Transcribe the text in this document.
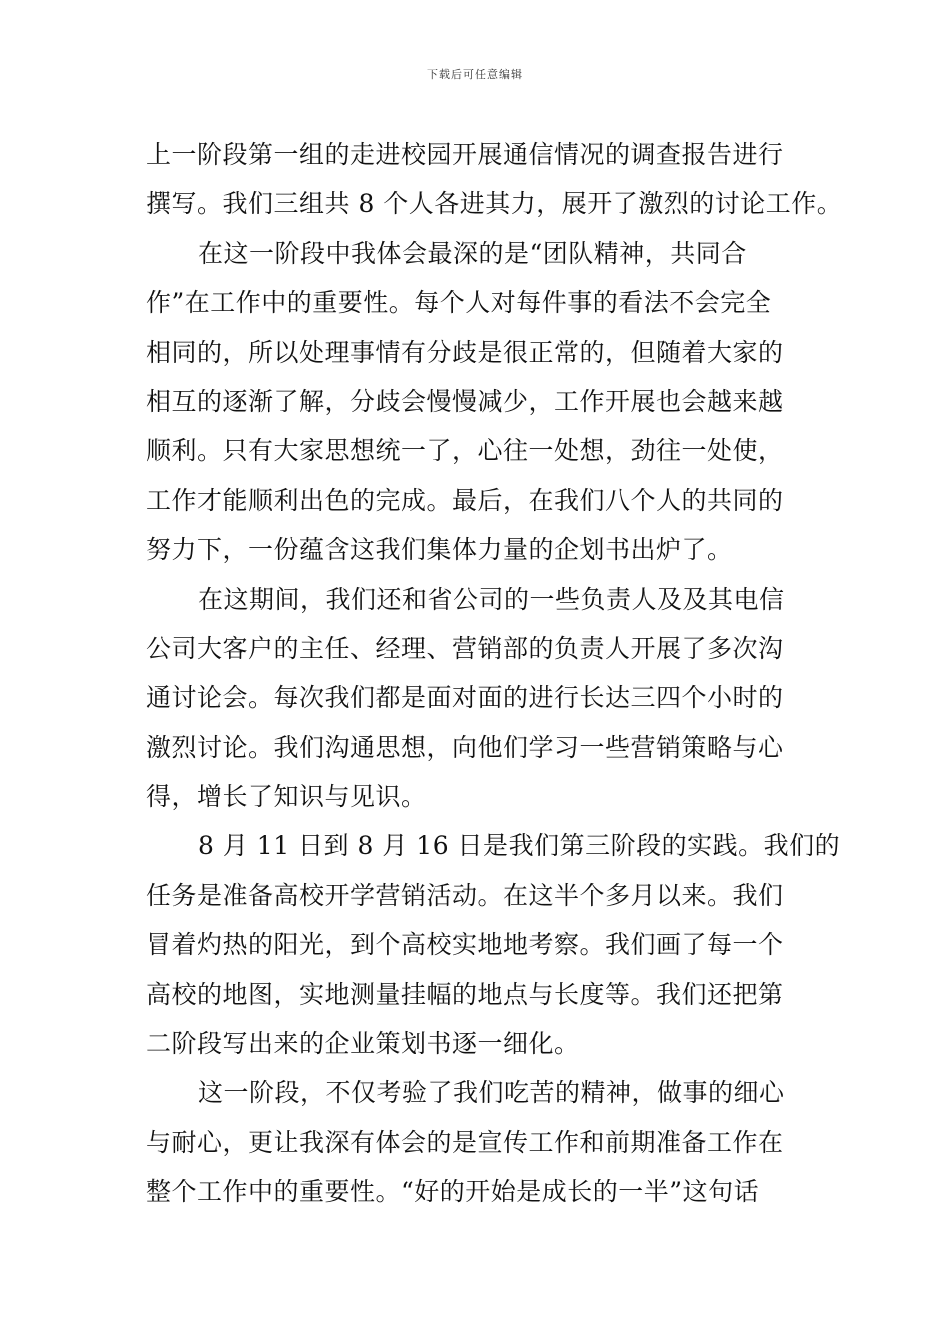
下载后可任意编辑
上一阶段第一组的走进校园开展通信情况的调查报告进行
撰写。我们三组共 8 个人各进其力，展开了激烈的讨论工作。
在这一阶段中我体会最深的是“团队精神，共同合
作”在工作中的重要性。每个人对每件事的看法不会完全
相同的，所以处理事情有分歧是很正常的，但随着大家的
相互的逐渐了解，分歧会慢慢减少，工作开展也会越来越
顺利。只有大家思想统一了，心往一处想，劲往一处使，
工作才能顺利出色的完成。最后，在我们八个人的共同的
努力下，一份蕴含这我们集体力量的企划书出炉了。
在这期间，我们还和省公司的一些负责人及及其电信
公司大客户的主任、经理、营销部的负责人开展了多次沟
通讨论会。每次我们都是面对面的进行长达三四个小时的
激烈讨论。我们沟通思想，向他们学习一些营销策略与心
得，增长了知识与见识。
8 月 11 日到 8 月 16 日是我们第三阶段的实践。我们的
任务是准备高校开学营销活动。在这半个多月以来。我们
冒着灼热的阳光，到个高校实地地考察。我们画了每一个
高校的地图，实地测量挂幅的地点与长度等。我们还把第
二阶段写出来的企业策划书逐一细化。
这一阶段，不仅考验了我们吃苦的精神，做事的细心
与耐心，更让我深有体会的是宣传工作和前期准备工作在
整个工作中的重要性。“好的开始是成长的一半”这句话
